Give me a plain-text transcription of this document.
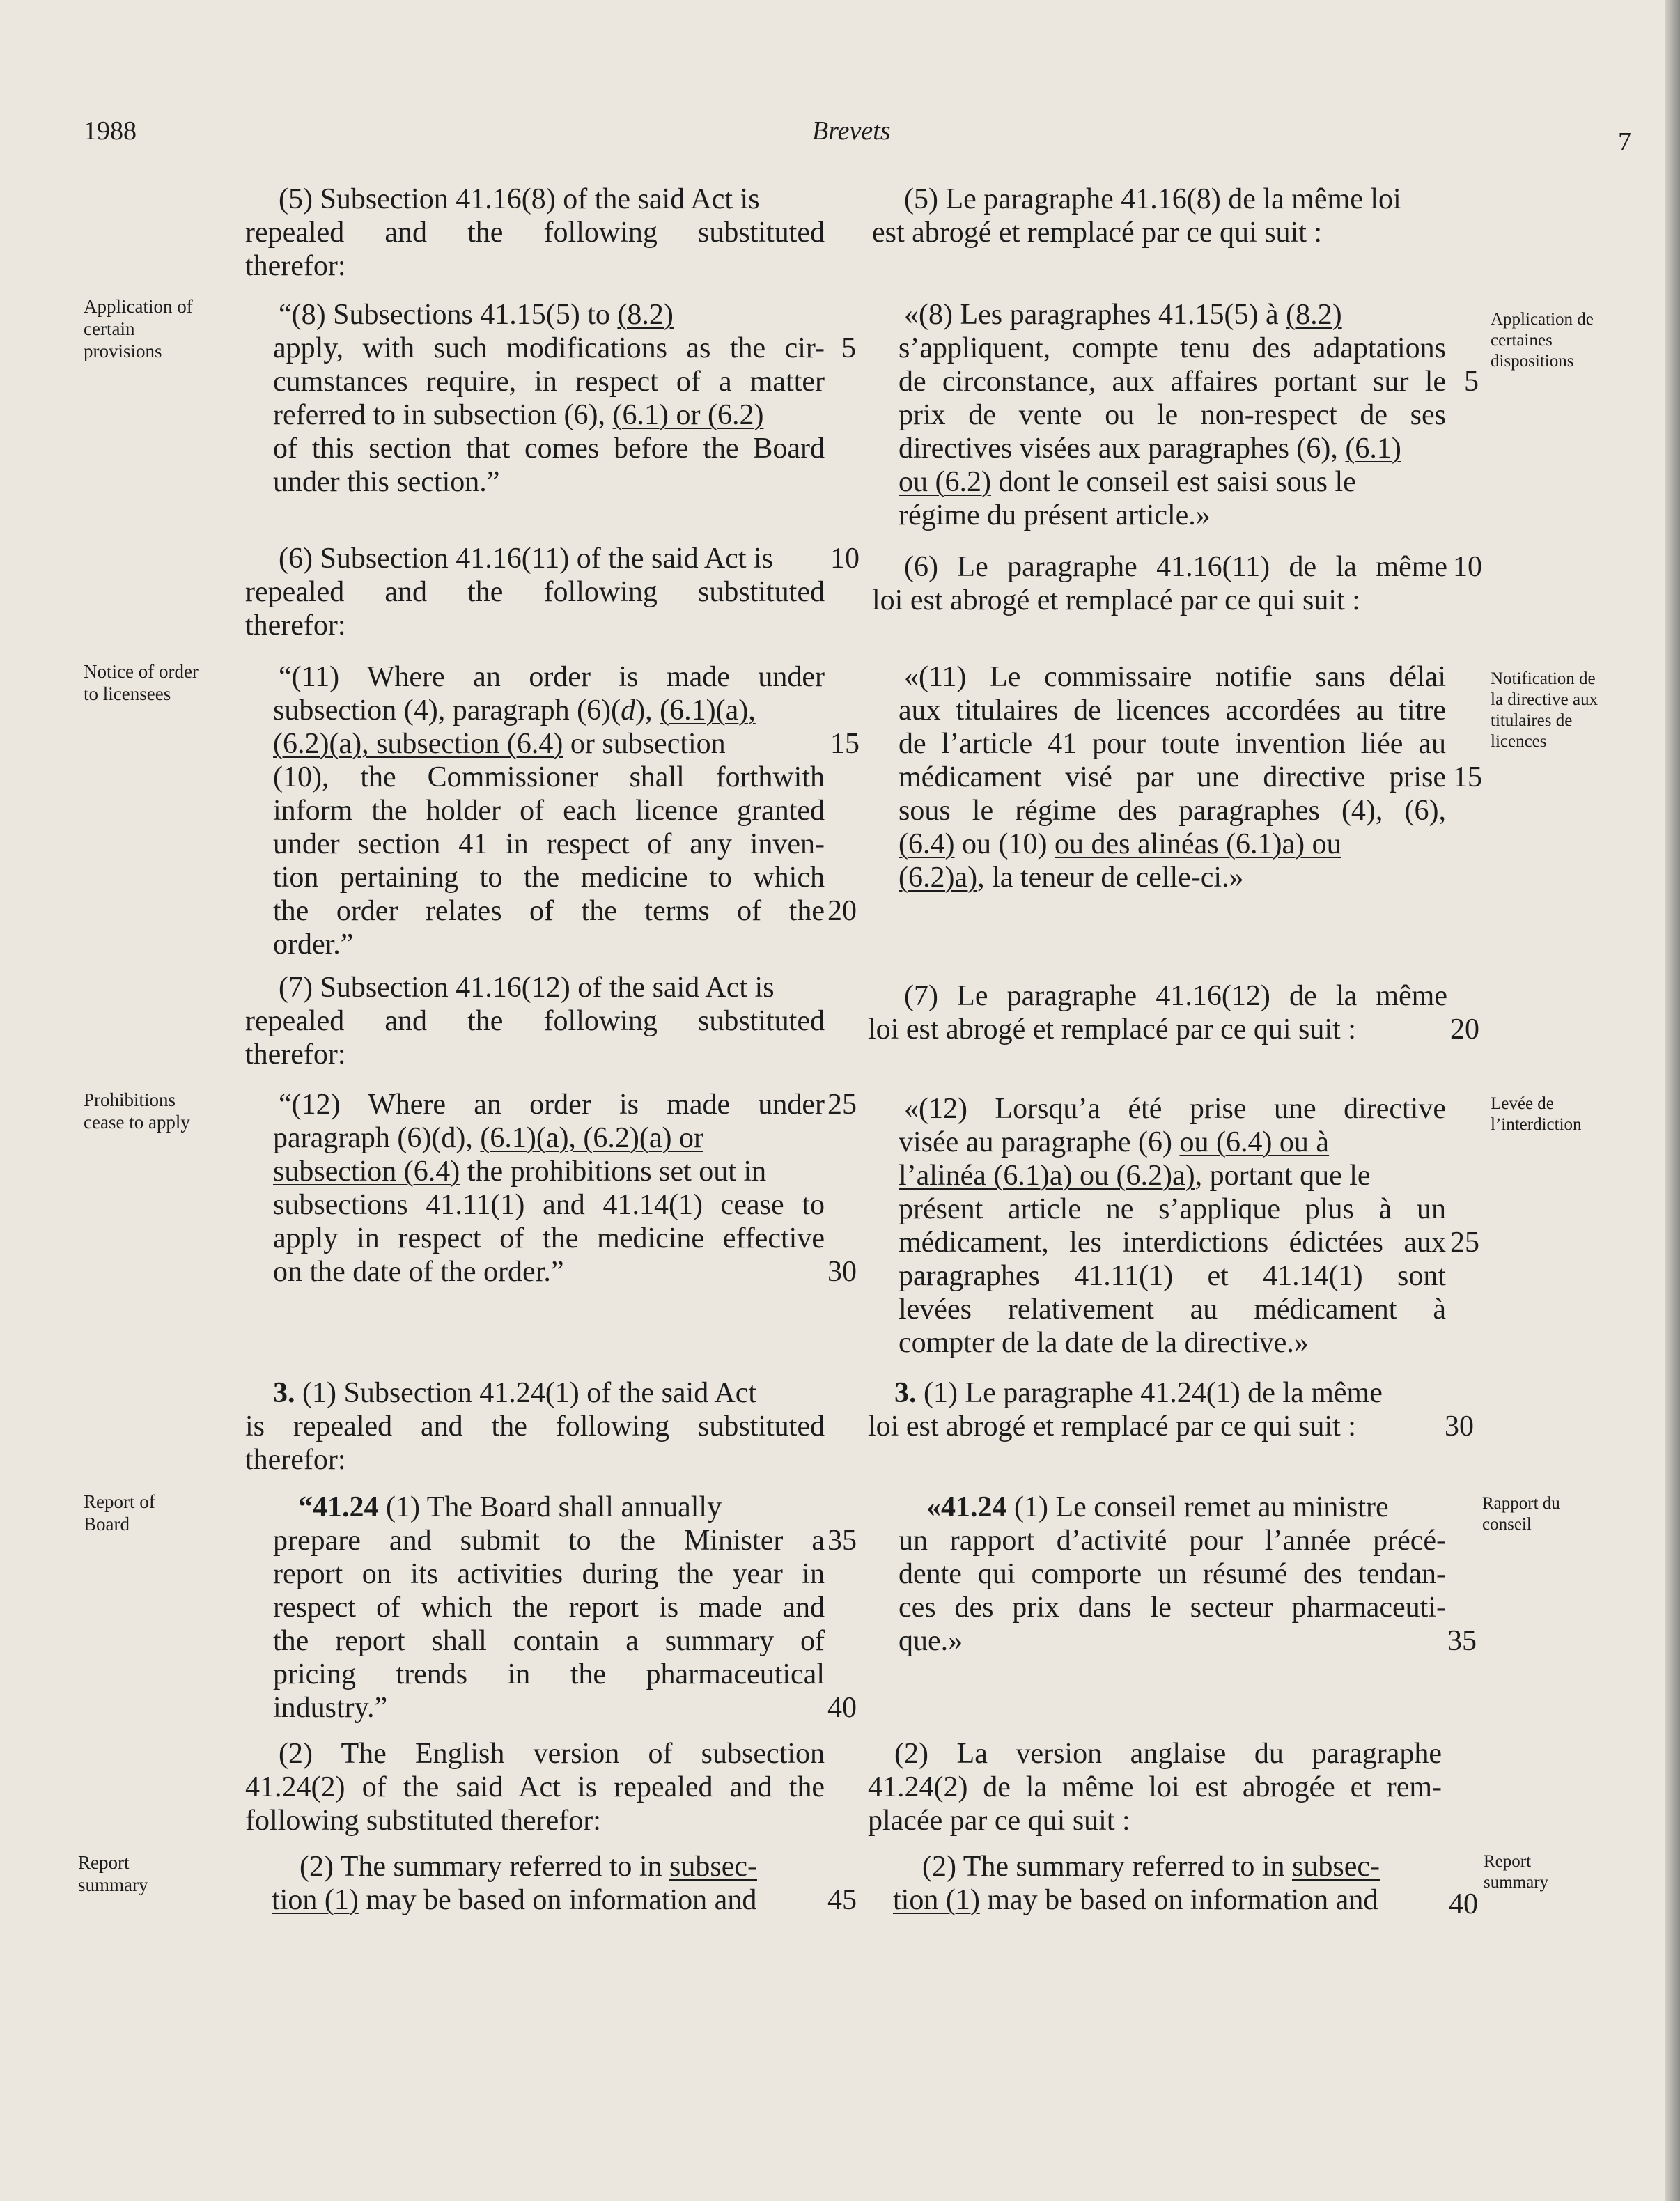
1988	Brevets	7
Application of
certain
provisions
Notice of order
to licensees
Prohibitions
cease to apply
Report of
Board
Report
summary
Application de
certaines
dispositions
Notification de
la directive aux
titulaires de
licences
Levée de
l’interdiction
Rapport du
conseil
Report
summary
(5) Subsection 41.16(8) of the said Act is
repealed and the following substituted
therefor:
“(8) Subsections 41.15(5) to (8.2)
apply, with such modifications as the cir-
cumstances require, in respect of a matter
referred to in subsection (6), (6.1) or (6.2)
of this section that comes before the Board
under this section.”
(6) Subsection 41.16(11) of the said Act is
repealed and the following substituted
therefor:
“(11) Where an order is made under
subsection (4), paragraph (6)(d), (6.1)(a),
(6.2)(a), subsection (6.4) or subsection
(10), the Commissioner shall forthwith
inform the holder of each licence granted
under section 41 in respect of any inven-
tion pertaining to the medicine to which
the order relates of the terms of the
order.”
(7) Subsection 41.16(12) of the said Act is
repealed and the following substituted
therefor:
“(12) Where an order is made under
paragraph (6)(d), (6.1)(a), (6.2)(a) or
subsection (6.4) the prohibitions set out in
subsections 41.11(1) and 41.14(1) cease to
apply in respect of the medicine effective
on the date of the order.”
3. (1) Subsection 41.24(1) of the said Act
is repealed and the following substituted
therefor:
“41.24 (1) The Board shall annually
prepare and submit to the Minister a
report on its activities during the year in
respect of which the report is made and
the report shall contain a summary of
pricing trends in the pharmaceutical
industry.”
(2) The English version of subsection
41.24(2) of the said Act is repealed and the
following substituted therefor:
(2) The summary referred to in subsec-
tion (1) may be based on information and
5
10
15
20
25
30
35
40
45
(5) Le paragraphe 41.16(8) de la même loi
est abrogé et remplacé par ce qui suit :
«(8) Les paragraphes 41.15(5) à (8.2)
s’appliquent, compte tenu des adaptations
de circonstance, aux affaires portant sur le
prix de vente ou le non-respect de ses
directives visées aux paragraphes (6), (6.1)
ou (6.2) dont le conseil est saisi sous le
régime du présent article.»
(6) Le paragraphe 41.16(11) de la même
loi est abrogé et remplacé par ce qui suit :
«(11) Le commissaire notifie sans délai
aux titulaires de licences accordées au titre
de l’article 41 pour toute invention liée au
médicament visé par une directive prise
sous le régime des paragraphes (4), (6),
(6.4) ou (10) ou des alinéas (6.1)a) ou
(6.2)a), la teneur de celle-ci.»
(7) Le paragraphe 41.16(12) de la même
loi est abrogé et remplacé par ce qui suit :
«(12) Lorsqu’a été prise une directive
visée au paragraphe (6) ou (6.4) ou à
l’alinéa (6.1)a) ou (6.2)a), portant que le
présent article ne s’applique plus à un
médicament, les interdictions édictées aux
paragraphes 41.11(1) et 41.14(1) sont
levées relativement au médicament à
compter de la date de la directive.»
3. (1) Le paragraphe 41.24(1) de la même
loi est abrogé et remplacé par ce qui suit :
«41.24 (1) Le conseil remet au ministre
un rapport d’activité pour l’année précé-
dente qui comporte un résumé des tendan-
ces des prix dans le secteur pharmaceuti-
que.»
(2) La version anglaise du paragraphe
41.24(2) de la même loi est abrogée et rem-
placée par ce qui suit :
(2) The summary referred to in subsec-
tion (1) may be based on information and
5
10
15
20
25
30
35
40
